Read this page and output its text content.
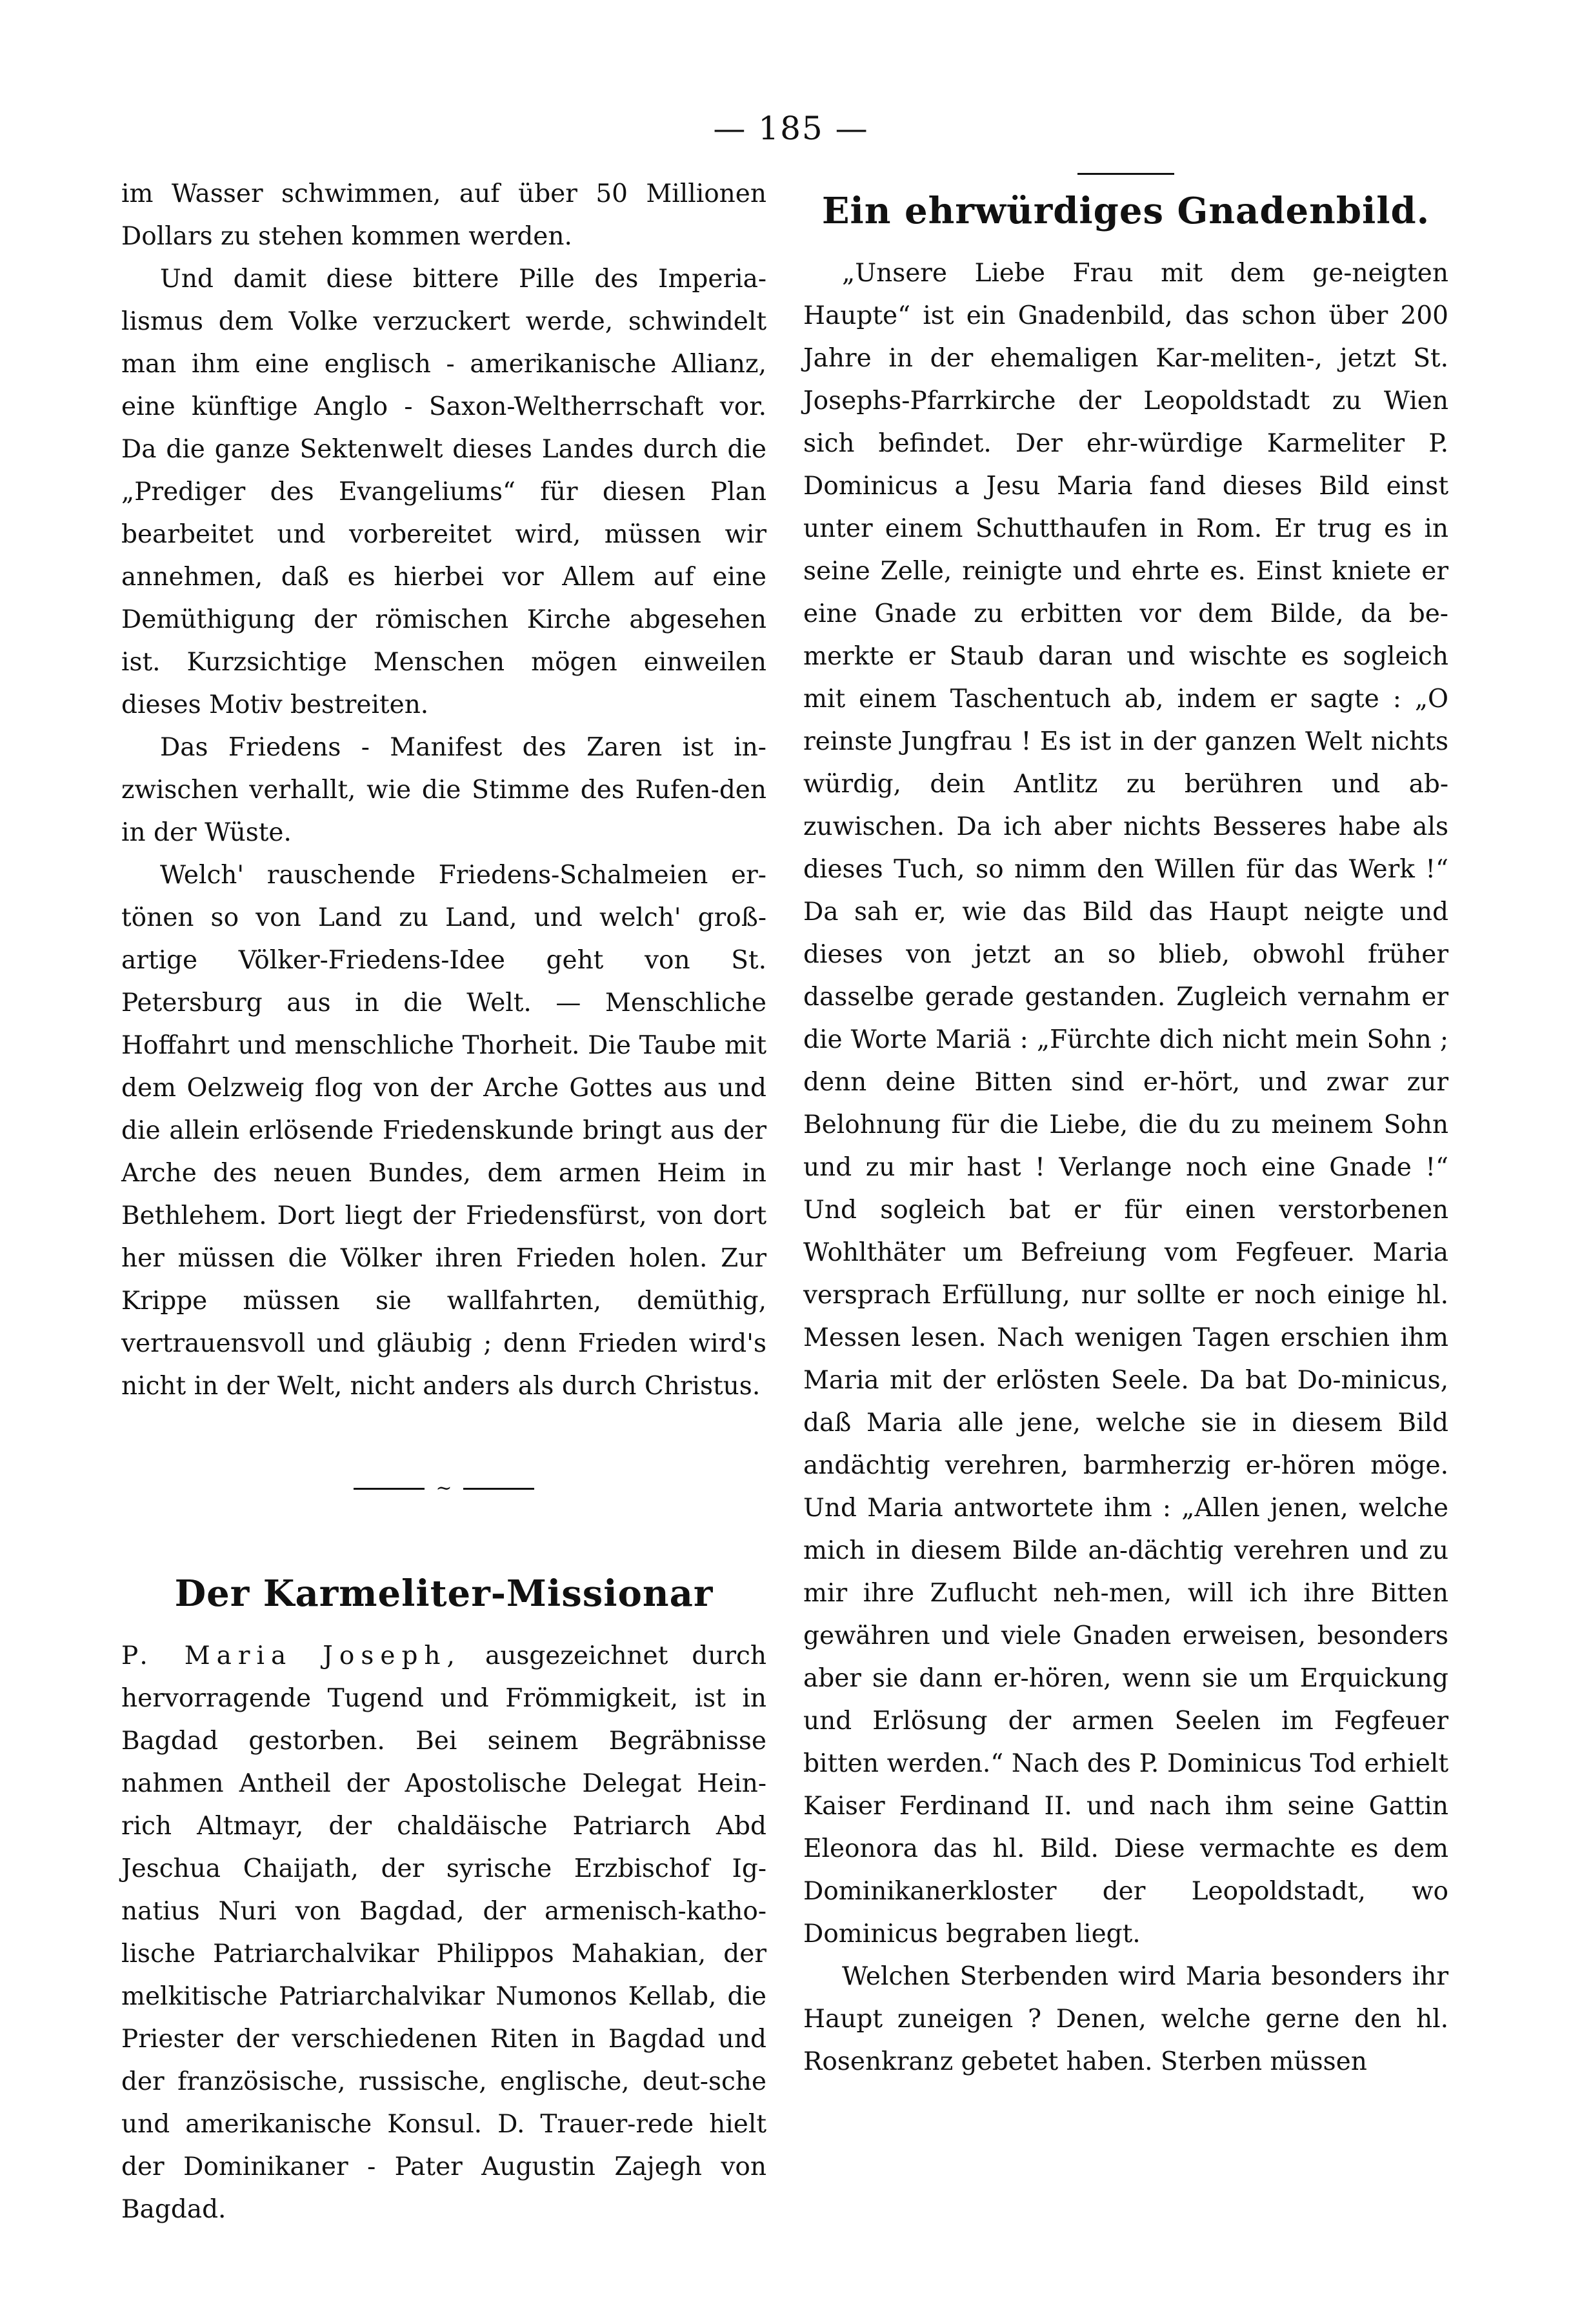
— 185 —

im Wasser schwimmen, auf über 50 Millionen Dollars zu stehen kommen werden.

Und damit diese bittere Pille des Imperia-lismus dem Volke verzuckert werde, schwindelt man ihm eine englisch - amerikanische Allianz, eine künftige Anglo - Saxon-Weltherrschaft vor. Da die ganze Sektenwelt dieses Landes durch die „Prediger des Evangeliums“ für diesen Plan bearbeitet und vorbereitet wird, müssen wir annehmen, daß es hierbei vor Allem auf eine Demüthigung der römischen Kirche abgesehen ist. Kurzsichtige Menschen mögen einweilen dieses Motiv bestreiten.

Das Friedens - Manifest des Zaren ist in-zwischen verhallt, wie die Stimme des Rufen-den in der Wüste.

Welch' rauschende Friedens-Schalmeien er-tönen so von Land zu Land, und welch' groß-artige Völker-Friedens-Idee geht von St. Petersburg aus in die Welt. — Menschliche Hoffahrt und menschliche Thorheit. Die Taube mit dem Oelzweig flog von der Arche Gottes aus und die allein erlösende Friedenskunde bringt aus der Arche des neuen Bundes, dem armen Heim in Bethlehem. Dort liegt der Friedensfürst, von dort her müssen die Völker ihren Frieden holen. Zur Krippe müssen sie wallfahrten, demüthig, vertrauensvoll und gläubig ; denn Frieden wird's nicht in der Welt, nicht anders als durch Christus.

~
Der Karmeliter-Missionar

P. Maria Joseph, ausgezeichnet durch hervorragende Tugend und Frömmigkeit, ist in Bagdad gestorben. Bei seinem Begräbnisse nahmen Antheil der Apostolische Delegat Hein-rich Altmayr, der chaldäische Patriarch Abd Jeschua Chaijath, der syrische Erzbischof Ig-natius Nuri von Bagdad, der armenisch-katho-lische Patriarchalvikar Philippos Mahakian, der melkitische Patriarchalvikar Numonos Kellab, die Priester der verschiedenen Riten in Bagdad und der französische, russische, englische, deut-sche und amerikanische Konsul. D. Trauer-rede hielt der Dominikaner - Pater Augustin Zajegh von Bagdad.

Ein ehrwürdiges Gnadenbild.

„Unsere Liebe Frau mit dem ge-neigten Haupte“ ist ein Gnadenbild, das schon über 200 Jahre in der ehemaligen Kar-meliten-, jetzt St. Josephs-Pfarrkirche der Leopoldstadt zu Wien sich befindet. Der ehr-würdige Karmeliter P. Dominicus a Jesu Maria fand dieses Bild einst unter einem Schutthaufen in Rom. Er trug es in seine Zelle, reinigte und ehrte es. Einst kniete er eine Gnade zu erbitten vor dem Bilde, da be-merkte er Staub daran und wischte es sogleich mit einem Taschentuch ab, indem er sagte : „O reinste Jungfrau ! Es ist in der ganzen Welt nichts würdig, dein Antlitz zu berühren und ab-zuwischen. Da ich aber nichts Besseres habe als dieses Tuch, so nimm den Willen für das Werk !“ Da sah er, wie das Bild das Haupt neigte und dieses von jetzt an so blieb, obwohl früher dasselbe gerade gestanden. Zugleich vernahm er die Worte Mariä : „Fürchte dich nicht mein Sohn ; denn deine Bitten sind er-hört, und zwar zur Belohnung für die Liebe, die du zu meinem Sohn und zu mir hast ! Verlange noch eine Gnade !“ Und sogleich bat er für einen verstorbenen Wohlthäter um Befreiung vom Fegfeuer. Maria versprach Erfüllung, nur sollte er noch einige hl. Messen lesen. Nach wenigen Tagen erschien ihm Maria mit der erlösten Seele. Da bat Do-minicus, daß Maria alle jene, welche sie in diesem Bild andächtig verehren, barmherzig er-hören möge. Und Maria antwortete ihm : „Allen jenen, welche mich in diesem Bilde an-dächtig verehren und zu mir ihre Zuflucht neh-men, will ich ihre Bitten gewähren und viele Gnaden erweisen, besonders aber sie dann er-hören, wenn sie um Erquickung und Erlösung der armen Seelen im Fegfeuer bitten werden.“ Nach des P. Dominicus Tod erhielt Kaiser Ferdinand II. und nach ihm seine Gattin Eleonora das hl. Bild. Diese vermachte es dem Dominikanerkloster der Leopoldstadt, wo Dominicus begraben liegt.

Welchen Sterbenden wird Maria besonders ihr Haupt zuneigen ? Denen, welche gerne den hl. Rosenkranz gebetet haben. Sterben müssen
